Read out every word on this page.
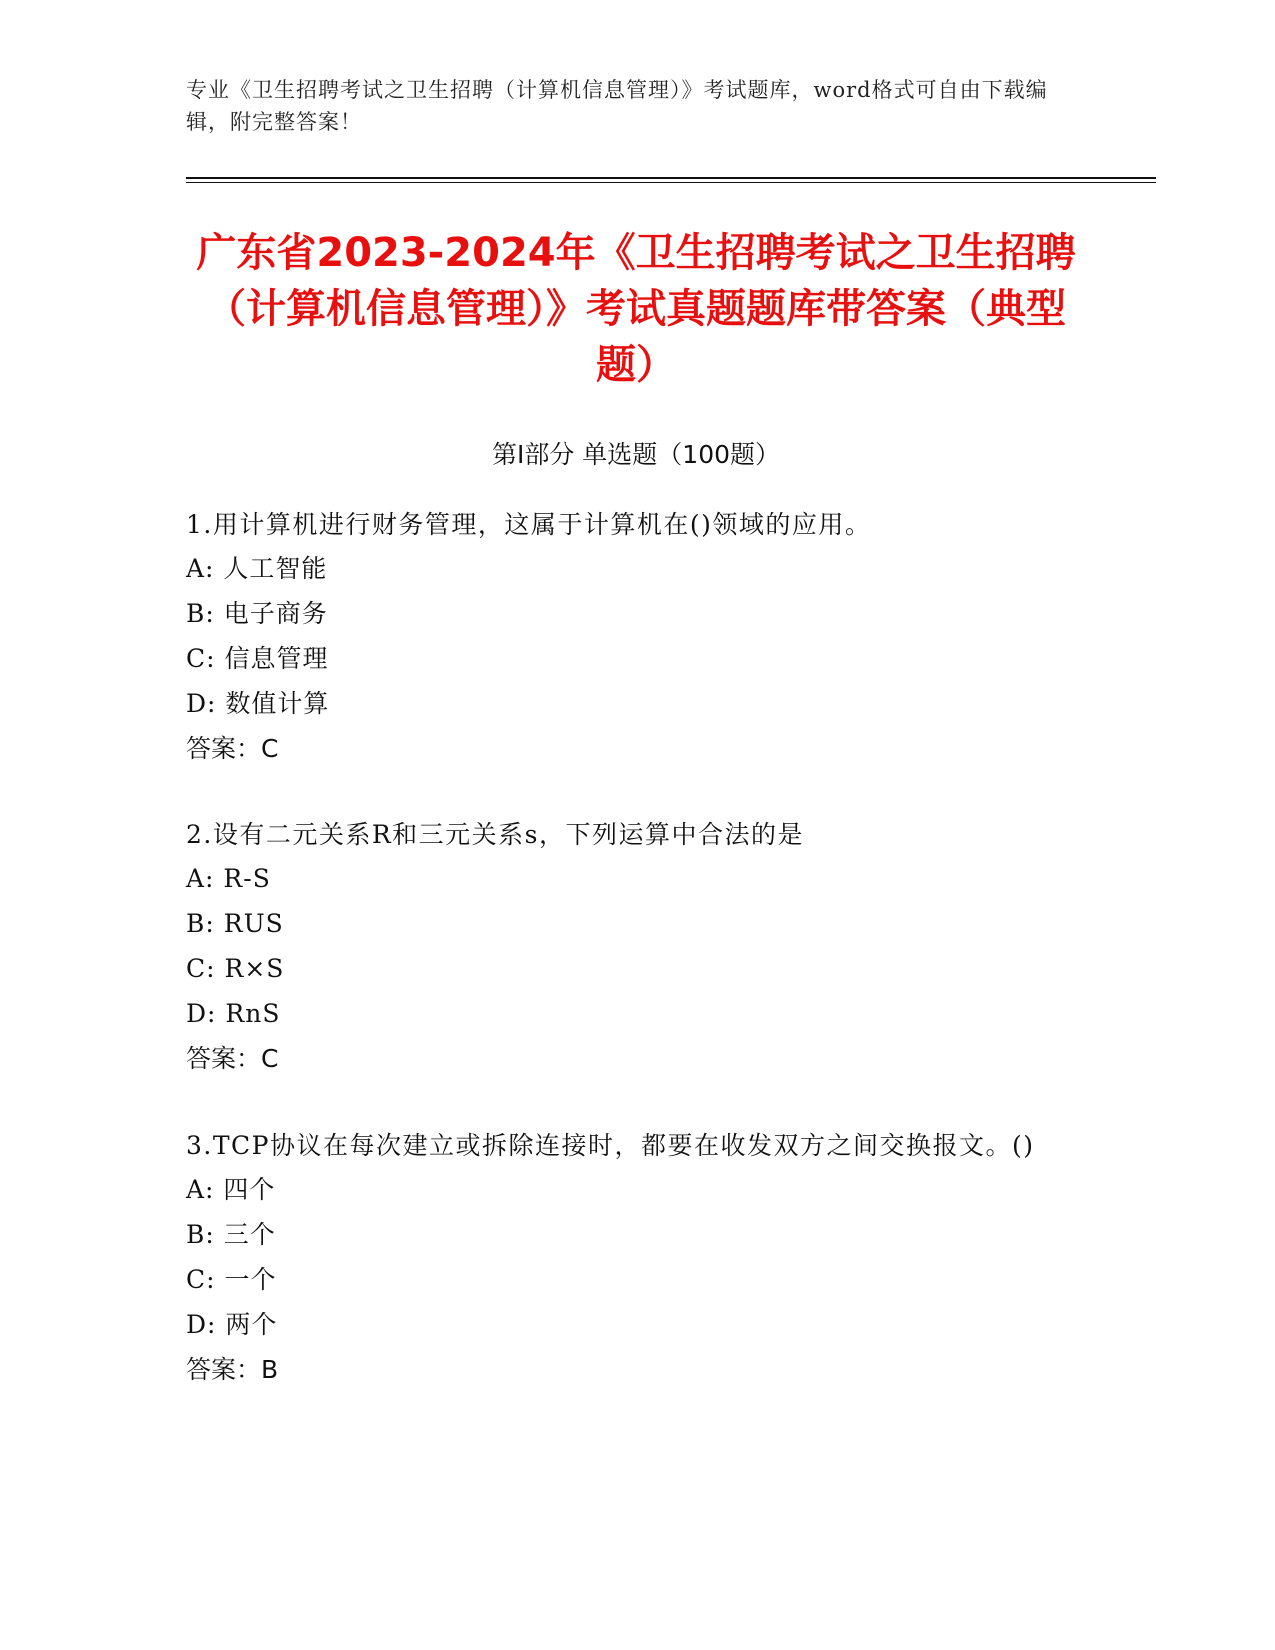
专业《卫生招聘考试之卫生招聘（计算机信息管理）》考试题库，word格式可自由下载编辑，附完整答案！
广东省2023-2024年《卫生招聘考试之卫生招聘（计算机信息管理）》考试真题题库带答案（典型题）
第Ⅰ部分 单选题（100题）
1.用计算机进行财务管理，这属于计算机在()领域的应用。
A: 人工智能
B: 电子商务
C: 信息管理
D: 数值计算
答案：C
2.设有二元关系R和三元关系s，下列运算中合法的是
A: R-S
B: RUS
C: R×S
D: RnS
答案：C
3.TCP协议在每次建立或拆除连接时，都要在收发双方之间交换报文。()
A: 四个
B: 三个
C: 一个
D: 两个
答案：B
